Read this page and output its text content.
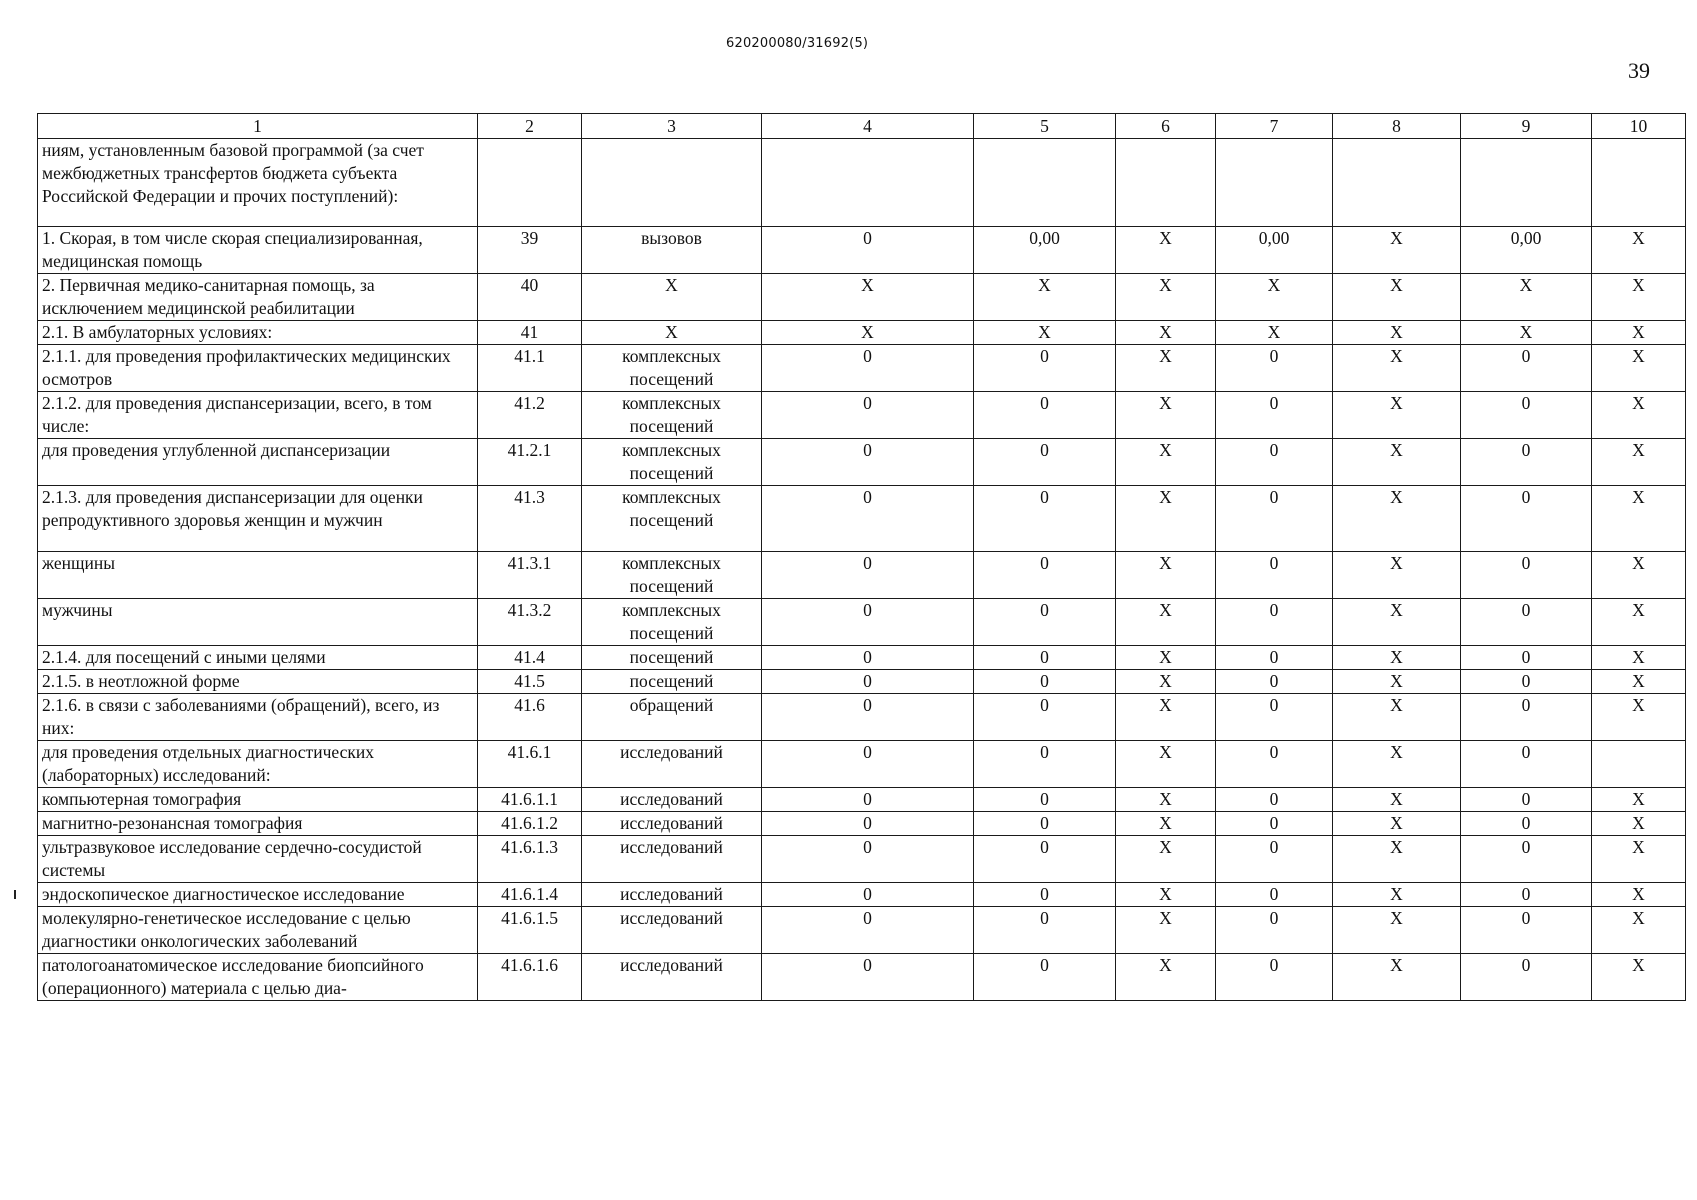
620200080/31692(5)
39
1	2	3	4	5	6	7	8	9	10
ниям, установленным базовой программой (за счет межбюджетных трансфертов бюджета субъекта Российской Федерации и прочих поступлений):									
1. Скорая, в том числе скорая специализированная, медицинская помощь	39	вызовов	0	0,00	Х	0,00	Х	0,00	Х
2. Первичная медико-санитарная помощь, за исключением медицинской реабилитации	40	Х	Х	Х	Х	Х	Х	Х	Х
2.1. В амбулаторных условиях:	41	Х	Х	Х	Х	Х	Х	Х	Х
2.1.1. для проведения профилактических медицинских осмотров	41.1	комплексных посещений	0	0	Х	0	Х	0	Х
2.1.2. для проведения диспансеризации, всего, в том числе:	41.2	комплексных посещений	0	0	Х	0	Х	0	Х
для проведения углубленной диспансеризации	41.2.1	комплексных посещений	0	0	Х	0	Х	0	Х
2.1.3. для проведения диспансеризации для оценки репродуктивного здоровья женщин и мужчин	41.3	комплексных посещений	0	0	Х	0	Х	0	Х
женщины	41.3.1	комплексных посещений	0	0	Х	0	Х	0	Х
мужчины	41.3.2	комплексных посещений	0	0	Х	0	Х	0	Х
2.1.4. для посещений с иными целями	41.4	посещений	0	0	Х	0	Х	0	Х
2.1.5. в неотложной форме	41.5	посещений	0	0	Х	0	Х	0	Х
2.1.6. в связи с заболеваниями (обращений), всего, из них:	41.6	обращений	0	0	Х	0	Х	0	Х
для проведения отдельных диагностических (лабораторных) исследований:	41.6.1	исследований	0	0	Х	0	Х	0	
компьютерная томография	41.6.1.1	исследований	0	0	Х	0	Х	0	Х
магнитно-резонансная томография	41.6.1.2	исследований	0	0	Х	0	Х	0	Х
ультразвуковое исследование сердечно-сосудистой системы	41.6.1.3	исследований	0	0	Х	0	Х	0	Х
эндоскопическое диагностическое исследование	41.6.1.4	исследований	0	0	Х	0	Х	0	Х
молекулярно-генетическое исследование с целью диагностики онкологических заболеваний	41.6.1.5	исследований	0	0	Х	0	Х	0	Х
патологоанатомическое исследование биопсийного (операционного) материала с целью диа-	41.6.1.6	исследований	0	0	Х	0	Х	0	Х
